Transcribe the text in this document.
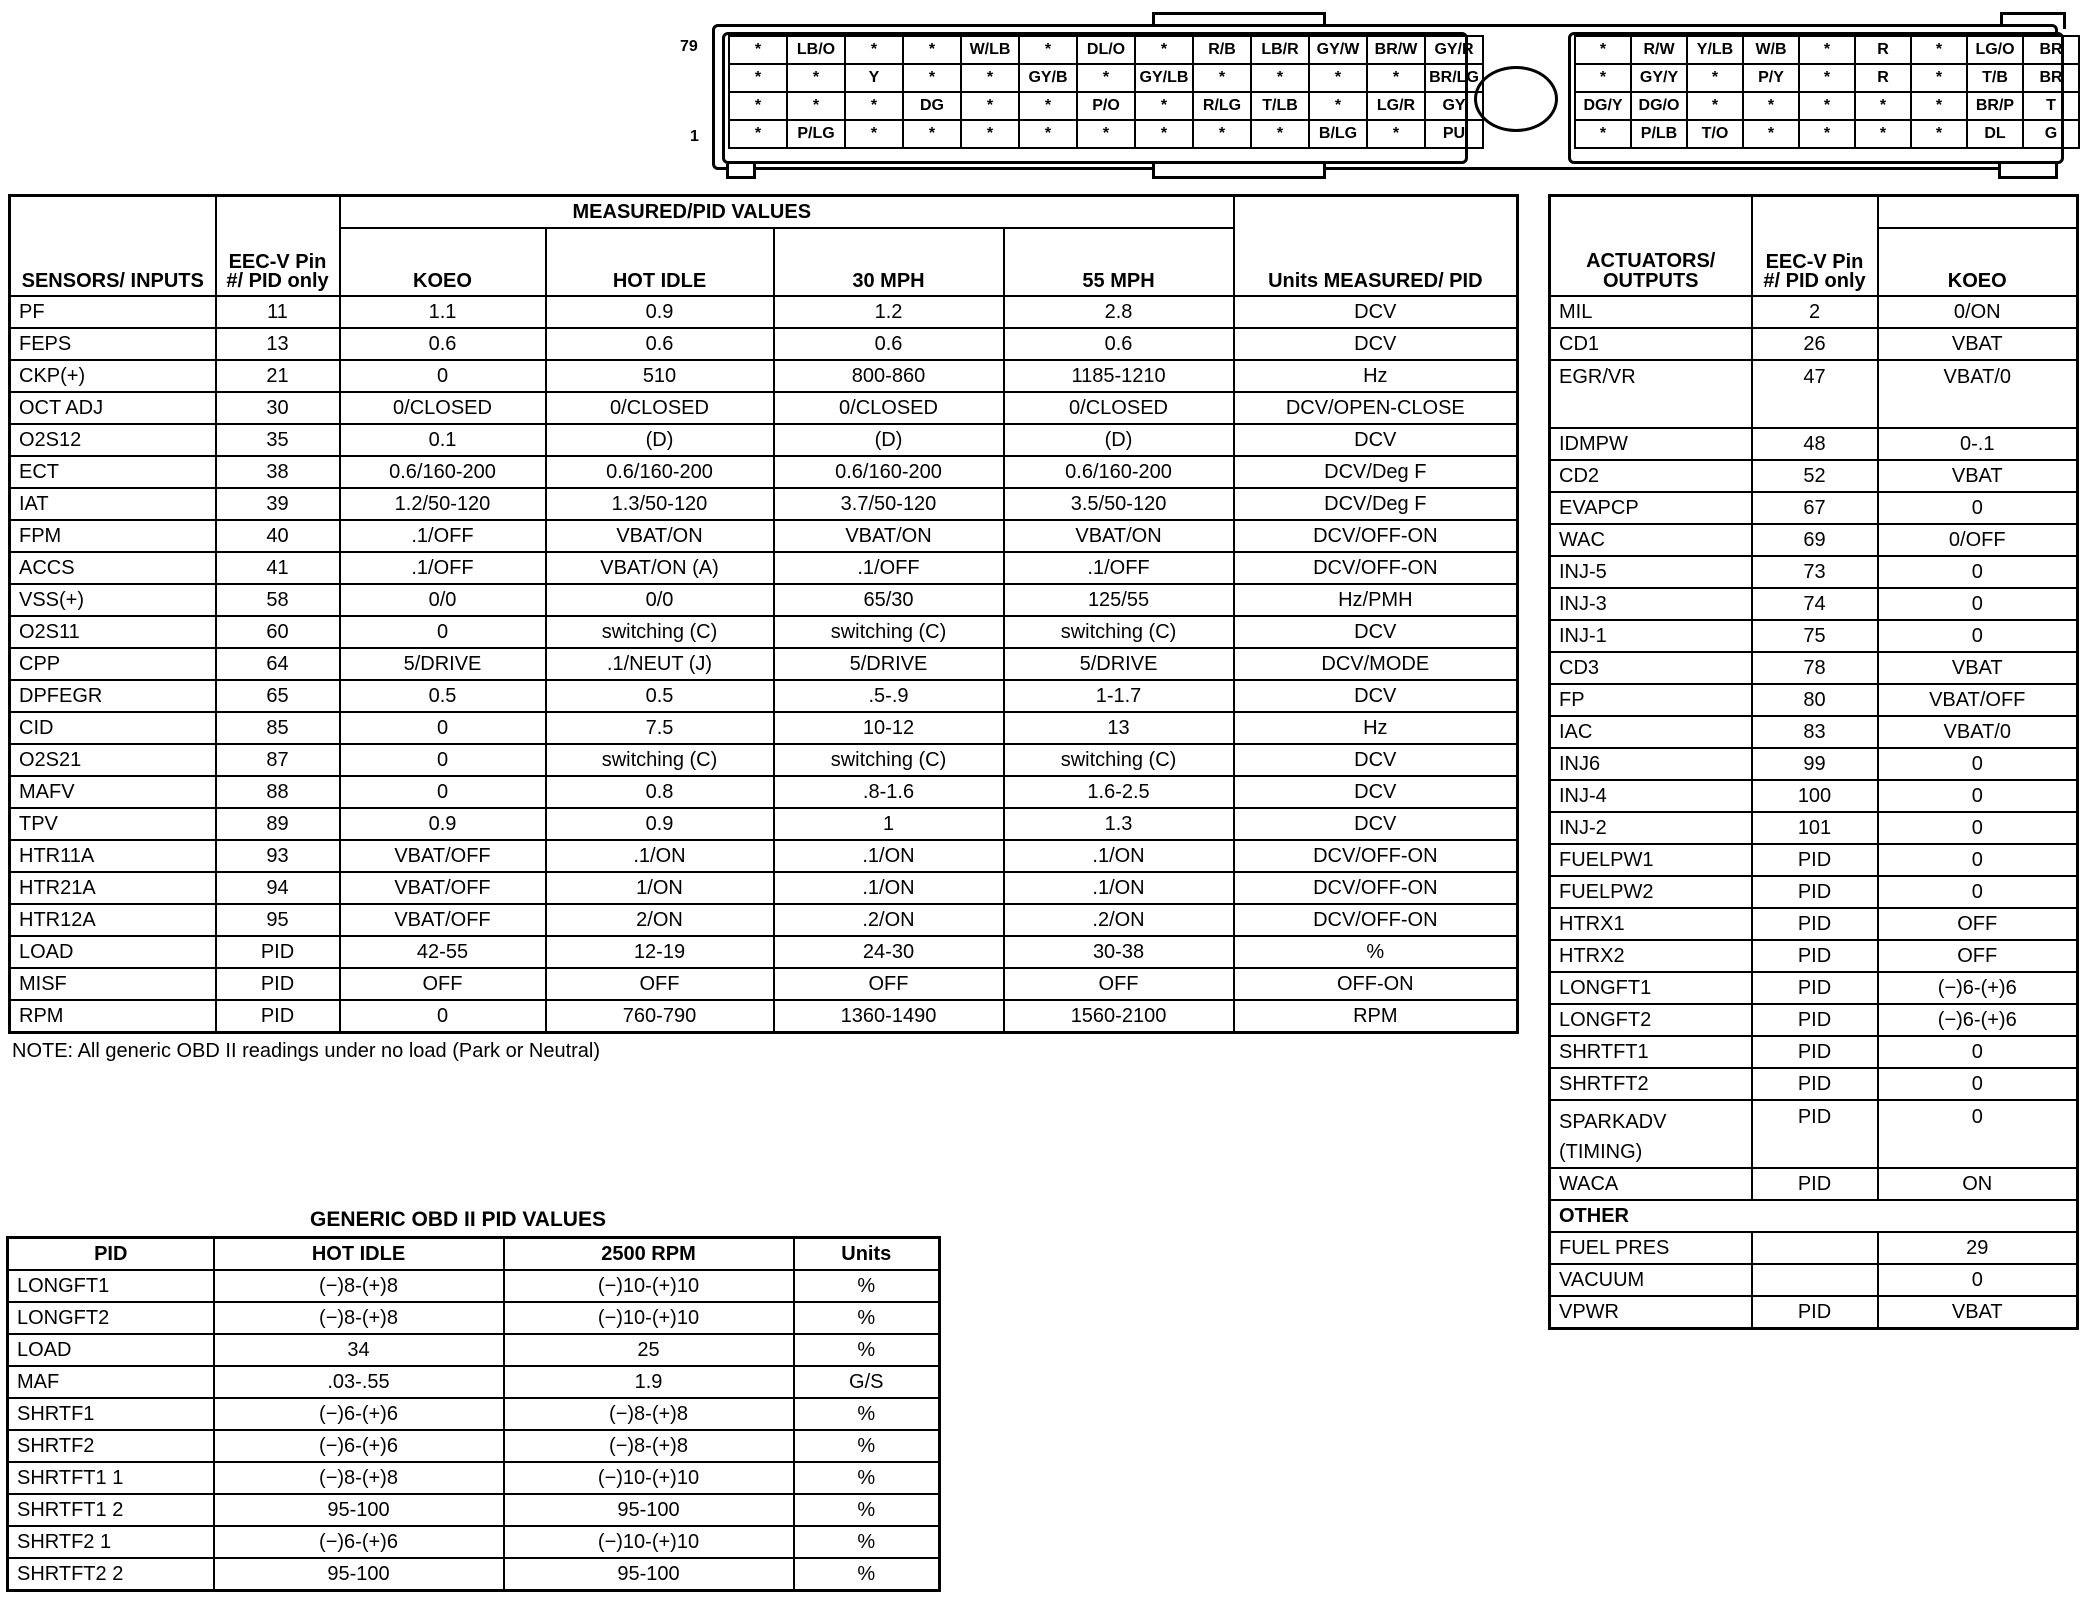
79
1
*	LB/O	*	*	W/LB	*	DL/O	*	R/B	LB/R	GY/W	BR/W	GY/R
*	*	Y	*	*	GY/B	*	GY/LB	*	*	*	*	BR/LG
*	*	*	DG	*	*	P/O	*	R/LG	T/LB	*	LG/R	GY
*	P/LG	*	*	*	*	*	*	*	*	B/LG	*	PU
*	R/W	Y/LB	W/B	*	R	*	LG/O	BR
*	GY/Y	*	P/Y	*	R	*	T/B	BR
DG/Y	DG/O	*	*	*	*	*	BR/P	T
*	P/LB	T/O	*	*	*	*	DL	G
SENSORS/ INPUTS	EEC-V Pin #/ PID only	MEASURED/PID VALUES				Units MEASURED/ PID
		KOEO	HOT IDLE	30 MPH	55 MPH	
PF	11	1.1	0.9	1.2	2.8	DCV
FEPS	13	0.6	0.6	0.6	0.6	DCV
CKP(+)	21	0	510	800-860	1185-1210	Hz
OCT ADJ	30	0/CLOSED	0/CLOSED	0/CLOSED	0/CLOSED	DCV/OPEN-CLOSE
O2S12	35	0.1	(D)	(D)	(D)	DCV
ECT	38	0.6/160-200	0.6/160-200	0.6/160-200	0.6/160-200	DCV/Deg F
IAT	39	1.2/50-120	1.3/50-120	3.7/50-120	3.5/50-120	DCV/Deg F
FPM	40	.1/OFF	VBAT/ON	VBAT/ON	VBAT/ON	DCV/OFF-ON
ACCS	41	.1/OFF	VBAT/ON (A)	.1/OFF	.1/OFF	DCV/OFF-ON
VSS(+)	58	0/0	0/0	65/30	125/55	Hz/PMH
O2S11	60	0	switching (C)	switching (C)	switching (C)	DCV
CPP	64	5/DRIVE	.1/NEUT (J)	5/DRIVE	5/DRIVE	DCV/MODE
DPFEGR	65	0.5	0.5	.5-.9	1-1.7	DCV
CID	85	0	7.5	10-12	13	Hz
O2S21	87	0	switching (C)	switching (C)	switching (C)	DCV
MAFV	88	0	0.8	.8-1.6	1.6-2.5	DCV
TPV	89	0.9	0.9	1	1.3	DCV
HTR11A	93	VBAT/OFF	.1/ON	.1/ON	.1/ON	DCV/OFF-ON
HTR21A	94	VBAT/OFF	1/ON	.1/ON	.1/ON	DCV/OFF-ON
HTR12A	95	VBAT/OFF	2/ON	.2/ON	.2/ON	DCV/OFF-ON
LOAD	PID	42-55	12-19	24-30	30-38	%
MISF	PID	OFF	OFF	OFF	OFF	OFF-ON
RPM	PID	0	760-790	1360-1490	1560-2100	RPM
NOTE: All generic OBD II readings under no load (Park or Neutral)
GENERIC OBD II PID VALUES
PID	HOT IDLE	2500 RPM	Units
LONGFT1	(−)8-(+)8	(−)10-(+)10	%
LONGFT2	(−)8-(+)8	(−)10-(+)10	%
LOAD	34	25	%
MAF	.03-.55	1.9	G/S
SHRTF1	(−)6-(+)6	(−)8-(+)8	%
SHRTF2	(−)6-(+)6	(−)8-(+)8	%
SHRTFT1 1	(−)8-(+)8	(−)10-(+)10	%
SHRTFT1 2	95-100	95-100	%
SHRTF2 1	(−)6-(+)6	(−)10-(+)10	%
SHRTFT2 2	95-100	95-100	%
ACTUATORS/ OUTPUTS	EEC-V Pin #/ PID only	
		KOEO
MIL	2	0/ON
CD1	26	VBAT
EGR/VR	47	VBAT/0
IDMPW	48	0-.1
CD2	52	VBAT
EVAPCP	67	0
WAC	69	0/OFF
INJ-5	73	0
INJ-3	74	0
INJ-1	75	0
CD3	78	VBAT
FP	80	VBAT/OFF
IAC	83	VBAT/0
INJ6	99	0
INJ-4	100	0
INJ-2	101	0
FUELPW1	PID	0
FUELPW2	PID	0
HTRX1	PID	OFF
HTRX2	PID	OFF
LONGFT1	PID	(−)6-(+)6
LONGFT2	PID	(−)6-(+)6
SHRTFT1	PID	0
SHRTFT2	PID	0
SPARKADV
(TIMING)	PID	0
WACA	PID	ON
OTHER		
FUEL PRES		29
VACUUM		0
VPWR	PID	VBAT
